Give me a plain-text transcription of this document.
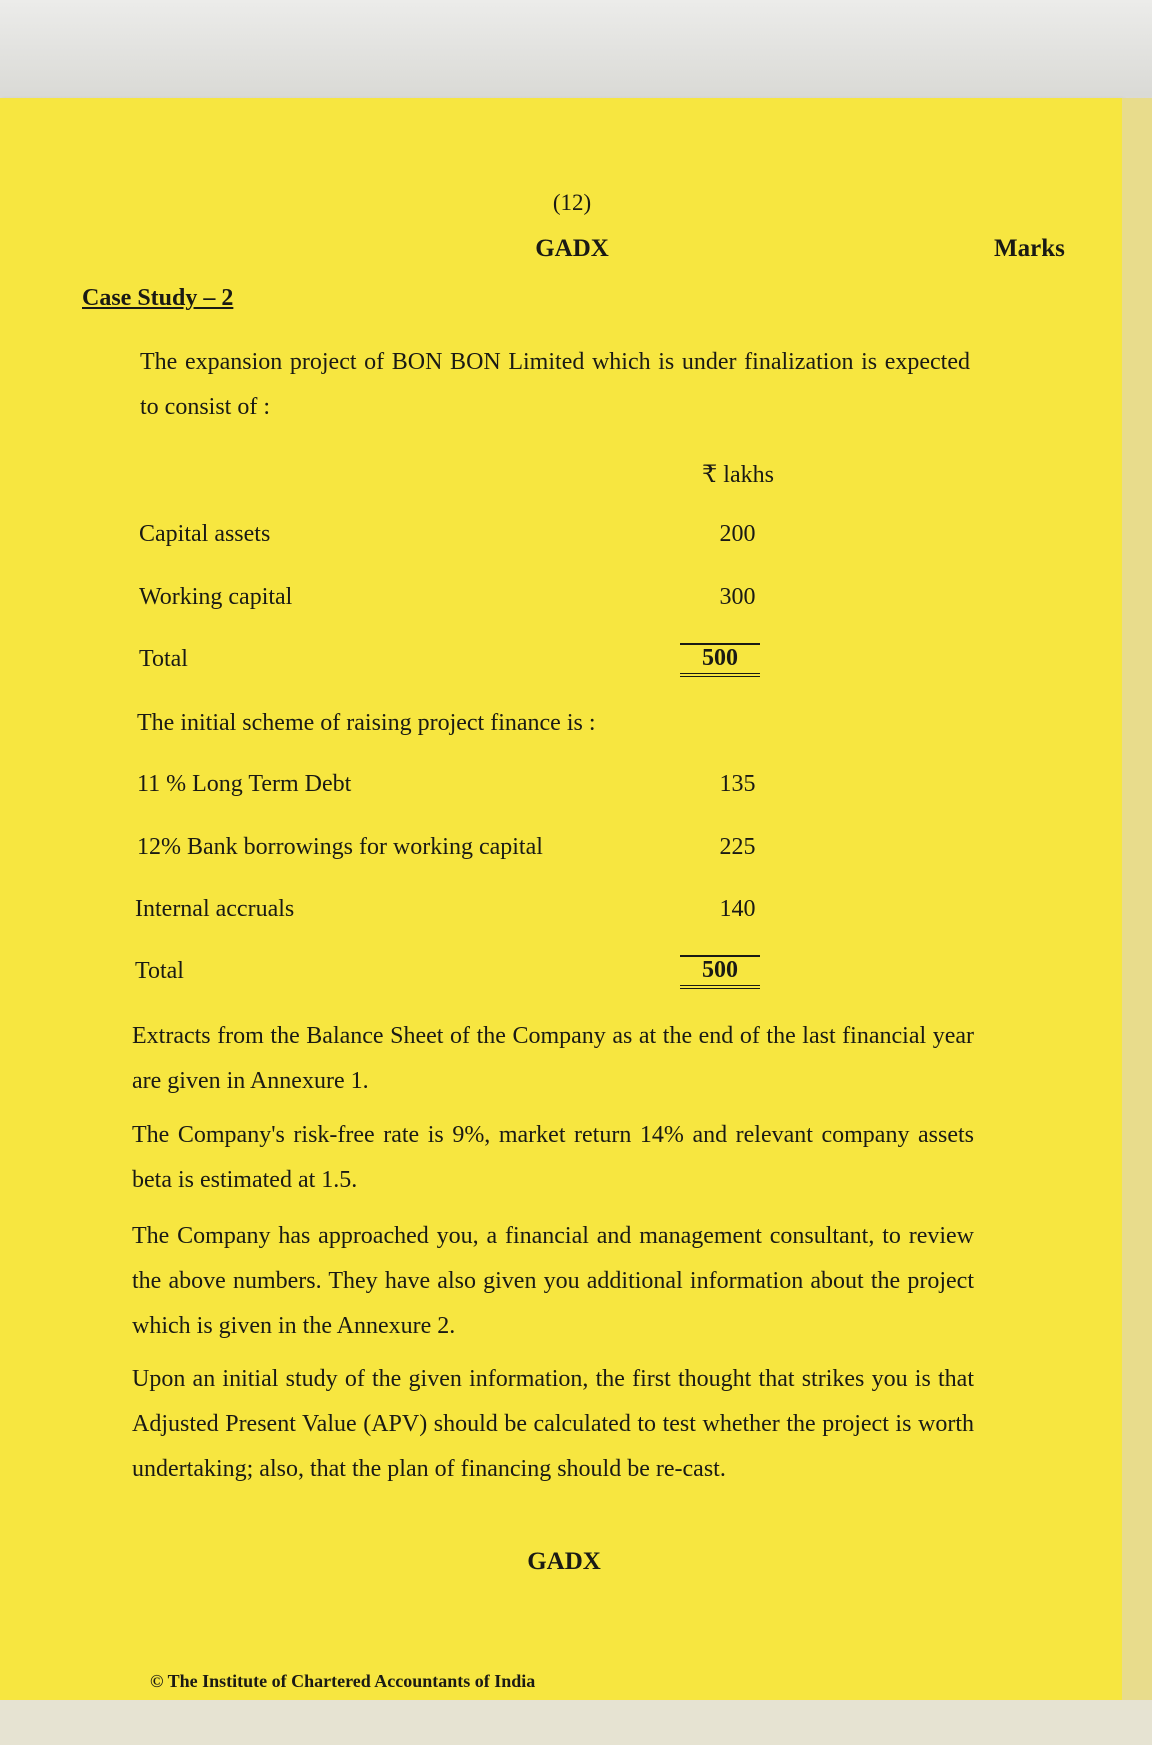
(12)
GADX	Marks
Case Study – 2

The expansion project of BON BON Limited which is under finalization is expected to consist of :

₹ lakhs
Capital assets	200
Working capital	300
Total	500
The initial scheme of raising project finance is :
11 % Long Term Debt	135
12% Bank borrowings for working capital	225
Internal accruals	140
Total	500

Extracts from the Balance Sheet of the Company as at the end of the last financial year are given in Annexure 1.

The Company's risk-free rate is 9%, market return 14% and relevant company assets beta is estimated at 1.5.

The Company has approached you, a financial and management consultant, to review the above numbers. They have also given you additional information about the project which is given in the Annexure 2.

Upon an initial study of the given information, the first thought that strikes you is that Adjusted Present Value (APV) should be calculated to test whether the project is worth undertaking; also, that the plan of financing should be re-cast.

GADX
© The Institute of Chartered Accountants of India
